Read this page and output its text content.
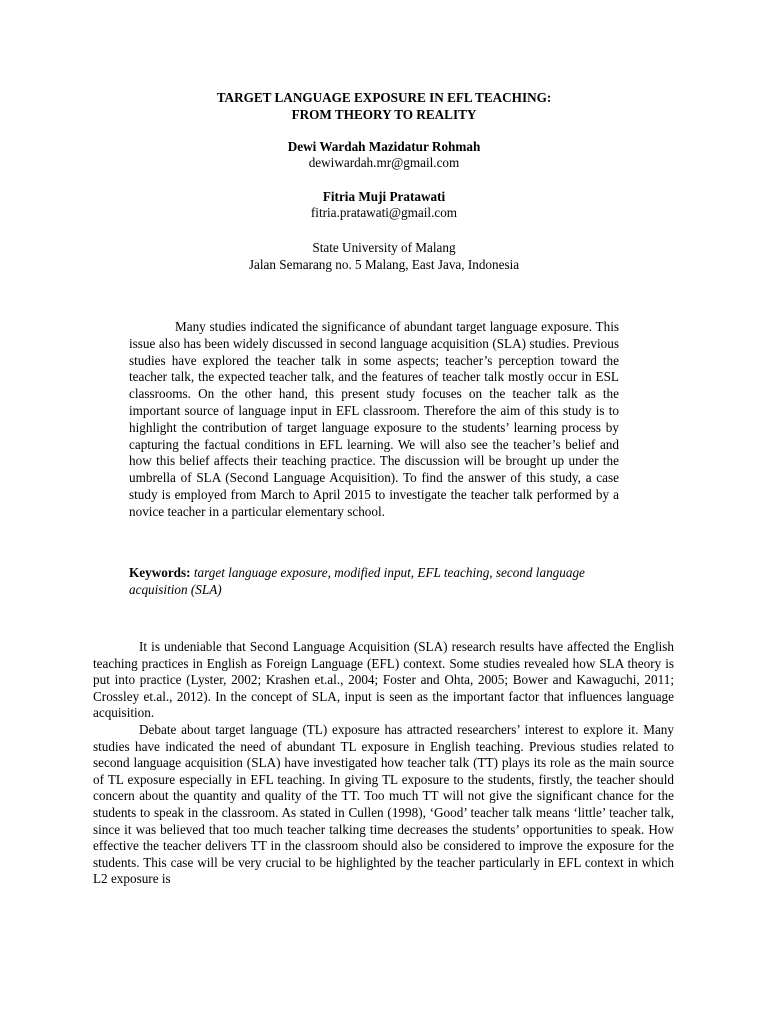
TARGET LANGUAGE EXPOSURE IN EFL TEACHING:
FROM THEORY TO REALITY
Dewi Wardah Mazidatur Rohmah
dewiwardah.mr@gmail.com
Fitria Muji Pratawati
fitria.pratawati@gmail.com
State University of Malang
Jalan Semarang no. 5 Malang, East Java, Indonesia

Many studies indicated the significance of abundant target language exposure. This issue also has been widely discussed in second language acquisition (SLA) studies. Previous studies have explored the teacher talk in some aspects; teacher’s perception toward the teacher talk, the expected teacher talk, and the features of teacher talk mostly occur in ESL classrooms. On the other hand, this present study focuses on the teacher talk as the important source of language input in EFL classroom. Therefore the aim of this study is to highlight the contribution of target language exposure to the students’ learning process by capturing the factual conditions in EFL learning. We will also see the teacher’s belief and how this belief affects their teaching practice. The discussion will be brought up under the umbrella of SLA (Second Language Acquisition). To find the answer of this study, a case study is employed from March to April 2015 to investigate the teacher talk performed by a novice teacher in a particular elementary school.

Keywords: target language exposure, modified input, EFL teaching, second language acquisition (SLA)

It is undeniable that Second Language Acquisition (SLA) research results have affected the English teaching practices in English as Foreign Language (EFL) context. Some studies revealed how SLA theory is put into practice (Lyster, 2002; Krashen et.al., 2004; Foster and Ohta, 2005; Bower and Kawaguchi, 2011; Crossley et.al., 2012). In the concept of SLA, input is seen as the important factor that influences language acquisition.

Debate about target language (TL) exposure has attracted researchers’ interest to explore it. Many studies have indicated the need of abundant TL exposure in English teaching. Previous studies related to second language acquisition (SLA) have investigated how teacher talk (TT) plays its role as the main source of TL exposure especially in EFL teaching. In giving TL exposure to the students, firstly, the teacher should concern about the quantity and quality of the TT. Too much TT will not give the significant chance for the students to speak in the classroom. As stated in Cullen (1998), ‘Good’ teacher talk means ‘little’ teacher talk, since it was believed that too much teacher talking time decreases the students’ opportunities to speak. How effective the teacher delivers TT in the classroom should also be considered to improve the exposure for the students. This case will be very crucial to be highlighted by the teacher particularly in EFL context in which L2 exposure is
